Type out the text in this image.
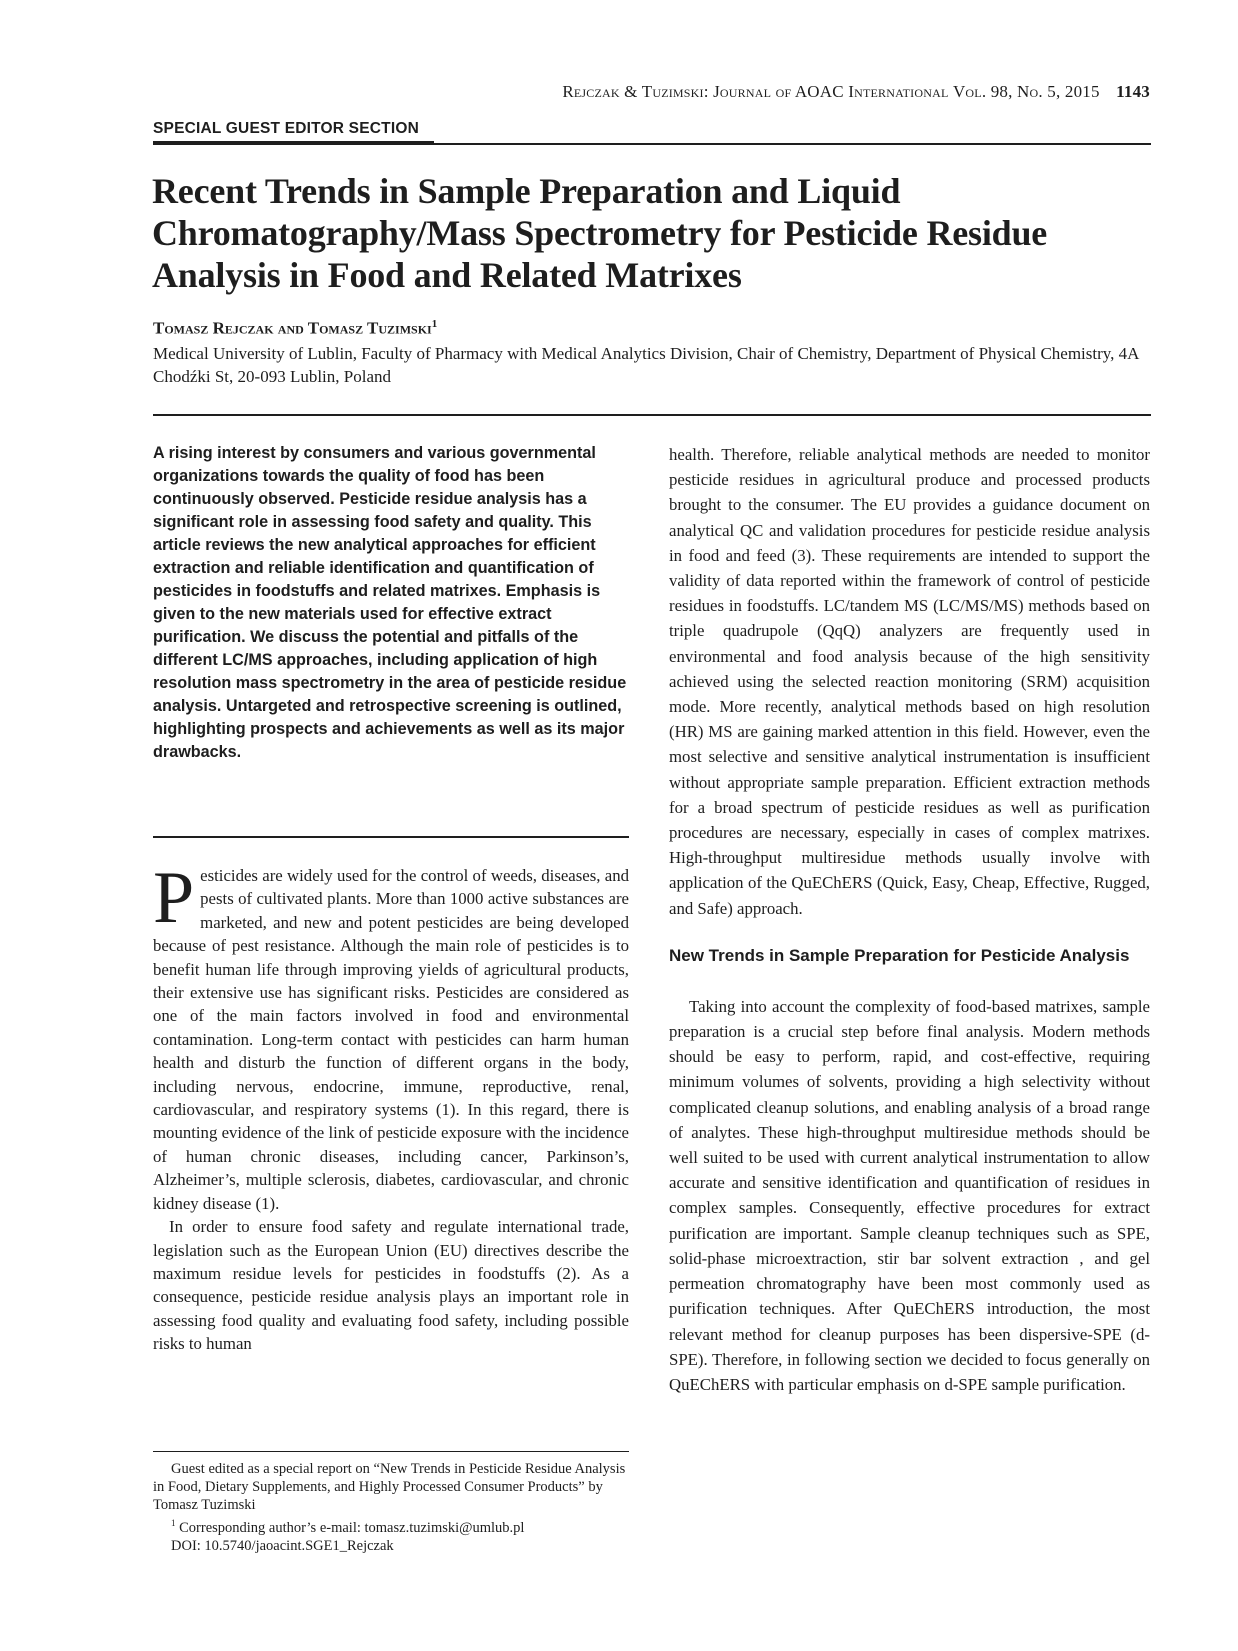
Rejczak & Tuzimski: Journal of AOAC International Vol. 98, No. 5, 2015 1143
SPECIAL GUEST EDITOR SECTION
Recent Trends in Sample Preparation and Liquid Chromatography/Mass Spectrometry for Pesticide Residue Analysis in Food and Related Matrixes
Tomasz Rejczak and Tomasz Tuzimski$^1$
Medical University of Lublin, Faculty of Pharmacy with Medical Analytics Division, Chair of Chemistry, Department of Physical Chemistry, 4A Chodźki St, 20-093 Lublin, Poland
A rising interest by consumers and various governmental organizations towards the quality of food has been continuously observed. Pesticide residue analysis has a significant role in assessing food safety and quality. This article reviews the new analytical approaches for efficient extraction and reliable identification and quantification of pesticides in foodstuffs and related matrixes. Emphasis is given to the new materials used for effective extract purification. We discuss the potential and pitfalls of the different LC/MS approaches, including application of high resolution mass spectrometry in the area of pesticide residue analysis. Untargeted and retrospective screening is outlined, highlighting prospects and achievements as well as its major drawbacks.

Pesticides are widely used for the control of weeds, diseases, and pests of cultivated plants. More than 1000 active substances are marketed, and new and potent pesticides are being developed because of pest resistance. Although the main role of pesticides is to benefit human life through improving yields of agricultural products, their extensive use has significant risks. Pesticides are considered as one of the main factors involved in food and environmental contamination. Long-term contact with pesticides can harm human health and disturb the function of different organs in the body, including nervous, endocrine, immune, reproductive, renal, cardiovascular, and respiratory systems (1). In this regard, there is mounting evidence of the link of pesticide exposure with the incidence of human chronic diseases, including cancer, Parkinson’s, Alzheimer’s, multiple sclerosis, diabetes, cardiovascular, and chronic kidney disease (1).

In order to ensure food safety and regulate international trade, legislation such as the European Union (EU) directives describe the maximum residue levels for pesticides in foodstuffs (2). As a consequence, pesticide residue analysis plays an important role in assessing food quality and evaluating food safety, including possible risks to human

health. Therefore, reliable analytical methods are needed to monitor pesticide residues in agricultural produce and processed products brought to the consumer. The EU provides a guidance document on analytical QC and validation procedures for pesticide residue analysis in food and feed (3). These requirements are intended to support the validity of data reported within the framework of control of pesticide residues in foodstuffs. LC/tandem MS (LC/MS/MS) methods based on triple quadrupole (QqQ) analyzers are frequently used in environmental and food analysis because of the high sensitivity achieved using the selected reaction monitoring (SRM) acquisition mode. More recently, analytical methods based on high resolution (HR) MS are gaining marked attention in this field. However, even the most selective and sensitive analytical instrumentation is insufficient without appropriate sample preparation. Efficient extraction methods for a broad spectrum of pesticide residues as well as purification procedures are necessary, especially in cases of complex matrixes. High-throughput multiresidue methods usually involve with application of the QuEChERS (Quick, Easy, Cheap, Effective, Rugged, and Safe) approach.

New Trends in Sample Preparation for Pesticide Analysis

Taking into account the complexity of food-based matrixes, sample preparation is a crucial step before final analysis. Modern methods should be easy to perform, rapid, and cost-effective, requiring minimum volumes of solvents, providing a high selectivity without complicated cleanup solutions, and enabling analysis of a broad range of analytes. These high-throughput multiresidue methods should be well suited to be used with current analytical instrumentation to allow accurate and sensitive identification and quantification of residues in complex samples. Consequently, effective procedures for extract purification are important. Sample cleanup techniques such as SPE, solid-phase microextraction, stir bar solvent extraction , and gel permeation chromatography have been most commonly used as purification techniques. After QuEChERS introduction, the most relevant method for cleanup purposes has been dispersive-SPE (d-SPE). Therefore, in following section we decided to focus generally on QuEChERS with particular emphasis on d-SPE sample purification.

Guest edited as a special report on “New Trends in Pesticide Residue Analysis in Food, Dietary Supplements, and Highly Processed Consumer Products” by Tomasz Tuzimski
$^1$ Corresponding author’s e-mail: tomasz.tuzimski@umlub.pl
DOI: 10.5740/jaoacint.SGE1_Rejczak
